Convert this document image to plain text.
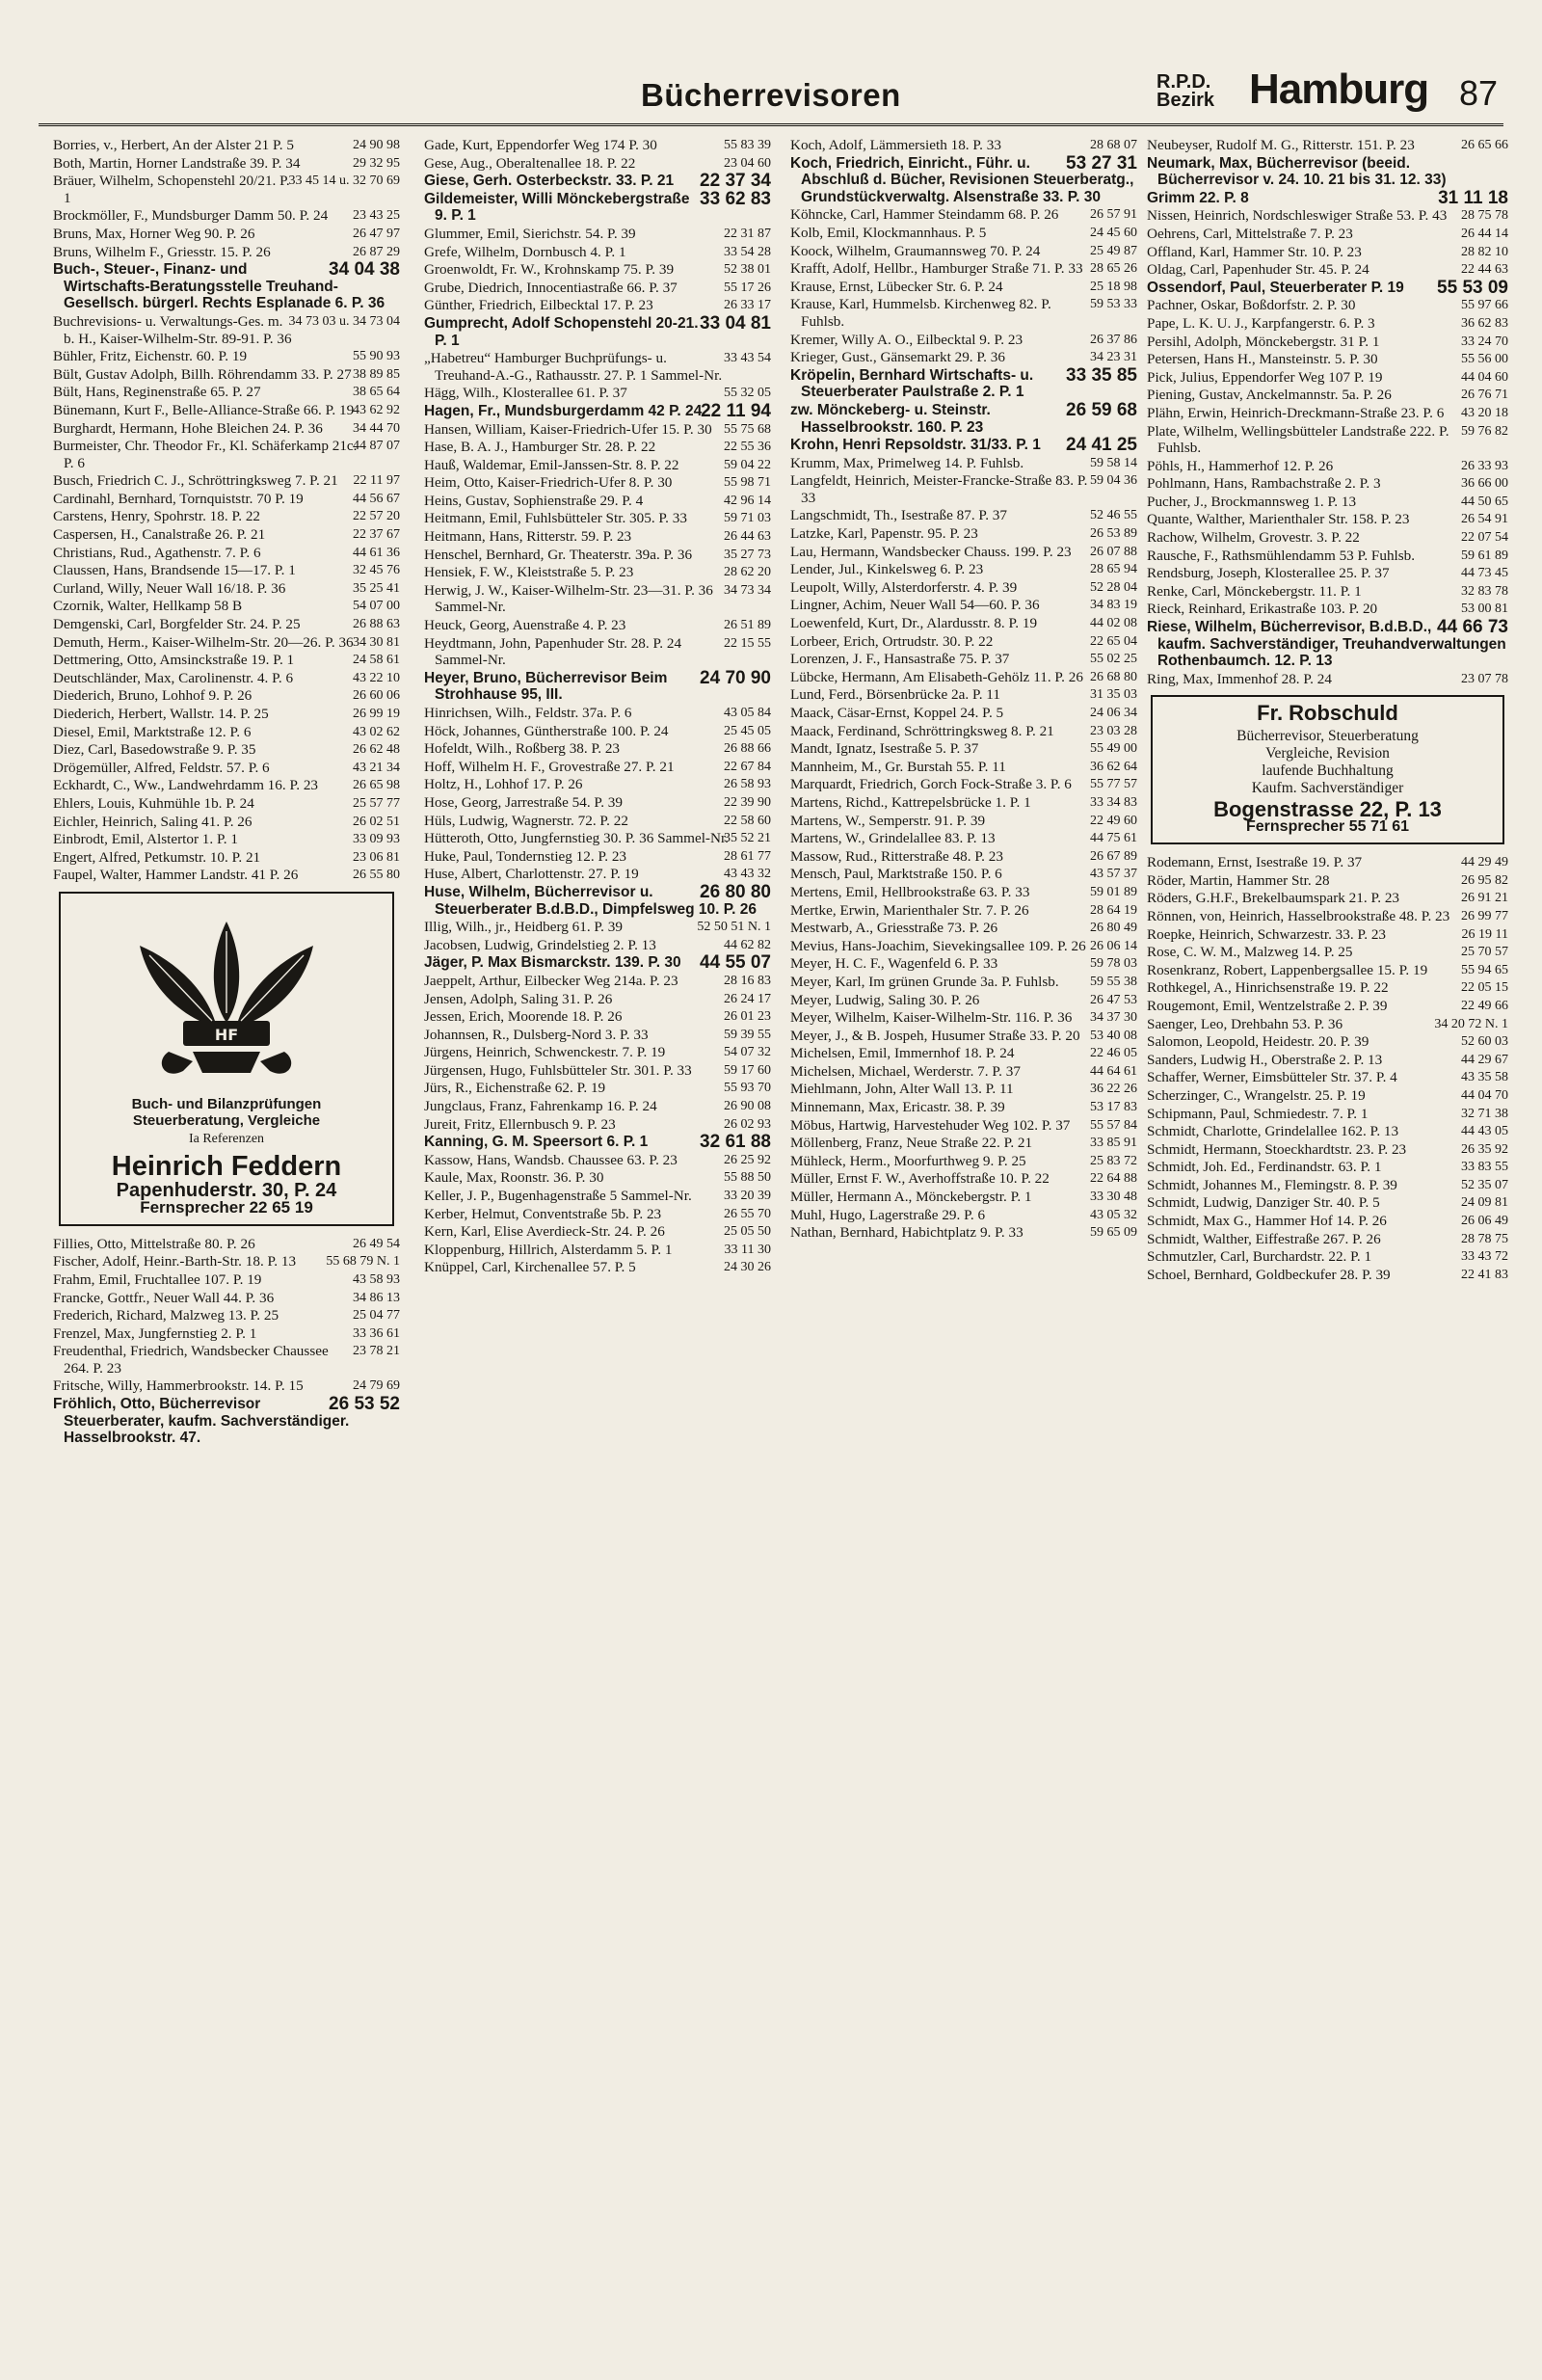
Bücherrevisoren	R.P.D.
Bezirk Hamburg 87
24 90 98
Borries, v., Herbert, An der Alster 21 P. 5
29 32 95
Both, Martin, Horner Landstraße 39. P. 34
33 45 14 u. 32 70 69
Bräuer, Wilhelm, Schopenstehl 20/21. P. 1
23 43 25
Brockmöller, F., Mundsburger Damm 50. P. 24
26 47 97
Bruns, Max, Horner Weg 90. P. 26
26 87 29
Bruns, Wilhelm F., Griesstr. 15. P. 26
34 04 38
Buch-, Steuer-, Finanz- und Wirtschafts-Beratungsstelle Treuhand-Gesellsch. bürgerl. Rechts Esplanade 6. P. 36
34 73 03 u. 34 73 04
Buchrevisions- u. Verwaltungs-Ges. m. b. H., Kaiser-Wilhelm-Str. 89-91. P. 36
55 90 93
Bühler, Fritz, Eichenstr. 60. P. 19
38 89 85
Bült, Gustav Adolph, Billh. Röhrendamm 33. P. 27
38 65 64
Bült, Hans, Reginenstraße 65. P. 27
43 62 92
Bünemann, Kurt F., Belle-Alliance-Straße 66. P. 19
34 44 70
Burghardt, Hermann, Hohe Bleichen 24. P. 36
44 87 07
Burmeister, Chr. Theodor Fr., Kl. Schäferkamp 21c. P. 6
22 11 97
Busch, Friedrich C. J., Schröttringksweg 7. P. 21
44 56 67
Cardinahl, Bernhard, Tornquiststr. 70 P. 19
22 57 20
Carstens, Henry, Spohrstr. 18. P. 22
22 37 67
Caspersen, H., Canalstraße 26. P. 21
44 61 36
Christians, Rud., Agathenstr. 7. P. 6
32 45 76
Claussen, Hans, Brandsende 15—17. P. 1
35 25 41
Curland, Willy, Neuer Wall 16/18. P. 36
54 07 00
Czornik, Walter, Hellkamp 58 B
26 88 63
Demgenski, Carl, Borgfelder Str. 24. P. 25
34 30 81
Demuth, Herm., Kaiser-Wilhelm-Str. 20—26. P. 36
24 58 61
Dettmering, Otto, Amsinckstraße 19. P. 1
43 22 10
Deutschländer, Max, Carolinenstr. 4. P. 6
26 60 06
Diederich, Bruno, Lohhof 9. P. 26
26 99 19
Diederich, Herbert, Wallstr. 14. P. 25
43 02 62
Diesel, Emil, Marktstraße 12. P. 6
26 62 48
Diez, Carl, Basedowstraße 9. P. 35
43 21 34
Drögemüller, Alfred, Feldstr. 57. P. 6
26 65 98
Eckhardt, C., Ww., Landwehrdamm 16. P. 23
25 57 77
Ehlers, Louis, Kuhmühle 1b. P. 24
26 02 51
Eichler, Heinrich, Saling 41. P. 26
33 09 93
Einbrodt, Emil, Alstertor 1. P. 1
23 06 81
Engert, Alfred, Petkumstr. 10. P. 21
26 55 80
Faupel, Walter, Hammer Landstr. 41 P. 26
HF
Buch- und Bilanzprüfungen
Steuerberatung, Vergleiche
Ia Referenzen
Heinrich Feddern
Papenhuderstr. 30, P. 24
Fernsprecher 22 65 19
26 49 54
Fillies, Otto, Mittelstraße 80. P. 26
55 68 79 N. 1
Fischer, Adolf, Heinr.-Barth-Str. 18. P. 13
43 58 93
Frahm, Emil, Fruchtallee 107. P. 19
34 86 13
Francke, Gottfr., Neuer Wall 44. P. 36
25 04 77
Frederich, Richard, Malzweg 13. P. 25
33 36 61
Frenzel, Max, Jungfernstieg 2. P. 1
23 78 21
Freudenthal, Friedrich, Wandsbecker Chaussee 264. P. 23
24 79 69
Fritsche, Willy, Hammerbrookstr. 14. P. 15
26 53 52
Fröhlich, Otto, Bücherrevisor Steuerberater, kaufm. Sachverständiger. Hasselbrookstr. 47.
55 83 39
Gade, Kurt, Eppendorfer Weg 174 P. 30
23 04 60
Gese, Aug., Oberaltenallee 18. P. 22
22 37 34
Giese, Gerh. Osterbeckstr. 33. P. 21
33 62 83
Gildemeister, Willi Mönckebergstraße 9. P. 1
22 31 87
Glummer, Emil, Sierichstr. 54. P. 39
33 54 28
Grefe, Wilhelm, Dornbusch 4. P. 1
52 38 01
Groenwoldt, Fr. W., Krohnskamp 75. P. 39
55 17 26
Grube, Diedrich, Innocentiastraße 66. P. 37
26 33 17
Günther, Friedrich, Eilbecktal 17. P. 23
33 04 81
Gumprecht, Adolf Schopenstehl 20-21. P. 1
33 43 54
„Habetreu“ Hamburger Buchprüfungs- u. Treuhand-A.-G., Rathausstr. 27. P. 1 Sammel-Nr.
55 32 05
Hägg, Wilh., Klosterallee 61. P. 37
22 11 94
Hagen, Fr., Mundsburgerdamm 42 P. 24
55 75 68
Hansen, William, Kaiser-Friedrich-Ufer 15. P. 30
22 55 36
Hase, B. A. J., Hamburger Str. 28. P. 22
59 04 22
Hauß, Waldemar, Emil-Janssen-Str. 8. P. 22
55 98 71
Heim, Otto, Kaiser-Friedrich-Ufer 8. P. 30
42 96 14
Heins, Gustav, Sophienstraße 29. P. 4
59 71 03
Heitmann, Emil, Fuhlsbütteler Str. 305. P. 33
26 44 63
Heitmann, Hans, Ritterstr. 59. P. 23
35 27 73
Henschel, Bernhard, Gr. Theaterstr. 39a. P. 36
28 62 20
Hensiek, F. W., Kleiststraße 5. P. 23
34 73 34
Herwig, J. W., Kaiser-Wilhelm-Str. 23—31. P. 36 Sammel-Nr.
26 51 89
Heuck, Georg, Auenstraße 4. P. 23
22 15 55
Heydtmann, John, Papenhuder Str. 28. P. 24 Sammel-Nr.
24 70 90
Heyer, Bruno, Bücherrevisor Beim Strohhause 95, III.
43 05 84
Hinrichsen, Wilh., Feldstr. 37a. P. 6
25 45 05
Höck, Johannes, Güntherstraße 100. P. 24
26 88 66
Hofeldt, Wilh., Roßberg 38. P. 23
22 67 84
Hoff, Wilhelm H. F., Grovestraße 27. P. 21
26 58 93
Holtz, H., Lohhof 17. P. 26
22 39 90
Hose, Georg, Jarrestraße 54. P. 39
22 58 60
Hüls, Ludwig, Wagnerstr. 72. P. 22
35 52 21
Hütteroth, Otto, Jungfernstieg 30. P. 36 Sammel-Nr.
28 61 77
Huke, Paul, Tondernstieg 12. P. 23
43 43 32
Huse, Albert, Charlottenstr. 27. P. 19
26 80 80
Huse, Wilhelm, Bücherrevisor u. Steuerberater B.d.B.D., Dimpfelsweg 10. P. 26
52 50 51 N. 1
Illig, Wilh., jr., Heidberg 61. P. 39
44 62 82
Jacobsen, Ludwig, Grindelstieg 2. P. 13
44 55 07
Jäger, P. Max Bismarckstr. 139. P. 30
28 16 83
Jaeppelt, Arthur, Eilbecker Weg 214a. P. 23
26 24 17
Jensen, Adolph, Saling 31. P. 26
26 01 23
Jessen, Erich, Moorende 18. P. 26
59 39 55
Johannsen, R., Dulsberg-Nord 3. P. 33
54 07 32
Jürgens, Heinrich, Schwenckestr. 7. P. 19
59 17 60
Jürgensen, Hugo, Fuhlsbütteler Str. 301. P. 33
55 93 70
Jürs, R., Eichenstraße 62. P. 19
26 90 08
Jungclaus, Franz, Fahrenkamp 16. P. 24
26 02 93
Jureit, Fritz, Ellernbusch 9. P. 23
32 61 88
Kanning, G. M. Speersort 6. P. 1
26 25 92
Kassow, Hans, Wandsb. Chaussee 63. P. 23
55 88 50
Kaule, Max, Roonstr. 36. P. 30
33 20 39
Keller, J. P., Bugenhagenstraße 5 Sammel-Nr.
26 55 70
Kerber, Helmut, Conventstraße 5b. P. 23
25 05 50
Kern, Karl, Elise Averdieck-Str. 24. P. 26
33 11 30
Kloppenburg, Hillrich, Alsterdamm 5. P. 1
24 30 26
Knüppel, Carl, Kirchenallee 57. P. 5
28 68 07
Koch, Adolf, Lämmersieth 18. P. 33
53 27 31
Koch, Friedrich, Einricht., Führ. u. Abschluß d. Bücher, Revisionen Steuerberatg., Grundstückverwaltg. Alsenstraße 33. P. 30
26 57 91
Köhncke, Carl, Hammer Steindamm 68. P. 26
24 45 60
Kolb, Emil, Klockmannhaus. P. 5
25 49 87
Koock, Wilhelm, Graumannsweg 70. P. 24
28 65 26
Krafft, Adolf, Hellbr., Hamburger Straße 71. P. 33
25 18 98
Krause, Ernst, Lübecker Str. 6. P. 24
59 53 33
Krause, Karl, Hummelsb. Kirchenweg 82. P. Fuhlsb.
26 37 86
Kremer, Willy A. O., Eilbecktal 9. P. 23
34 23 31
Krieger, Gust., Gänsemarkt 29. P. 36
33 35 85
Kröpelin, Bernhard Wirtschafts- u. Steuerberater Paulstraße 2. P. 1
26 59 68
zw. Mönckeberg- u. Steinstr. Hasselbrookstr. 160. P. 23
24 41 25
Krohn, Henri Repsoldstr. 31/33. P. 1
59 58 14
Krumm, Max, Primelweg 14. P. Fuhlsb.
59 04 36
Langfeldt, Heinrich, Meister-Francke-Straße 83. P. 33
52 46 55
Langschmidt, Th., Isestraße 87. P. 37
26 53 89
Latzke, Karl, Papenstr. 95. P. 23
26 07 88
Lau, Hermann, Wandsbecker Chauss. 199. P. 23
28 65 94
Lender, Jul., Kinkelsweg 6. P. 23
52 28 04
Leupolt, Willy, Alsterdorferstr. 4. P. 39
34 83 19
Lingner, Achim, Neuer Wall 54—60. P. 36
44 02 08
Loewenfeld, Kurt, Dr., Alardusstr. 8. P. 19
22 65 04
Lorbeer, Erich, Ortrudstr. 30. P. 22
55 02 25
Lorenzen, J. F., Hansastraße 75. P. 37
26 68 80
Lübcke, Hermann, Am Elisabeth-Gehölz 11. P. 26
31 35 03
Lund, Ferd., Börsenbrücke 2a. P. 11
24 06 34
Maack, Cäsar-Ernst, Koppel 24. P. 5
23 03 28
Maack, Ferdinand, Schröttringksweg 8. P. 21
55 49 00
Mandt, Ignatz, Isestraße 5. P. 37
36 62 64
Mannheim, M., Gr. Burstah 55. P. 11
55 77 57
Marquardt, Friedrich, Gorch Fock-Straße 3. P. 6
33 34 83
Martens, Richd., Kattrepelsbrücke 1. P. 1
22 49 60
Martens, W., Semperstr. 91. P. 39
44 75 61
Martens, W., Grindelallee 83. P. 13
26 67 89
Massow, Rud., Ritterstraße 48. P. 23
43 57 37
Mensch, Paul, Marktstraße 150. P. 6
59 01 89
Mertens, Emil, Hellbrookstraße 63. P. 33
28 64 19
Mertke, Erwin, Marienthaler Str. 7. P. 26
26 80 49
Mestwarb, A., Griesstraße 73. P. 26
26 06 14
Mevius, Hans-Joachim, Sievekingsallee 109. P. 26
59 78 03
Meyer, H. C. F., Wagenfeld 6. P. 33
59 55 38
Meyer, Karl, Im grünen Grunde 3a. P. Fuhlsb.
26 47 53
Meyer, Ludwig, Saling 30. P. 26
34 37 30
Meyer, Wilhelm, Kaiser-Wilhelm-Str. 116. P. 36
53 40 08
Meyer, J., & B. Jospeh, Husumer Straße 33. P. 20
22 46 05
Michelsen, Emil, Immernhof 18. P. 24
44 64 61
Michelsen, Michael, Werderstr. 7. P. 37
36 22 26
Miehlmann, John, Alter Wall 13. P. 11
53 17 83
Minnemann, Max, Ericastr. 38. P. 39
55 57 84
Möbus, Hartwig, Harvestehuder Weg 102. P. 37
33 85 91
Möllenberg, Franz, Neue Straße 22. P. 21
25 83 72
Mühleck, Herm., Moorfurthweg 9. P. 25
22 64 88
Müller, Ernst F. W., Averhoffstraße 10. P. 22
33 30 48
Müller, Hermann A., Mönckebergstr. P. 1
43 05 32
Muhl, Hugo, Lagerstraße 29. P. 6
59 65 09
Nathan, Bernhard, Habichtplatz 9. P. 33
26 65 66
Neubeyser, Rudolf M. G., Ritterstr. 151. P. 23
Neumark, Max, Bücherrevisor (beeid. Bücherrevisor v. 24. 10. 21 bis 31. 12. 33)
31 11 18
Grimm 22. P. 8
28 75 78
Nissen, Heinrich, Nordschleswiger Straße 53. P. 43
26 44 14
Oehrens, Carl, Mittelstraße 7. P. 23
28 82 10
Offland, Karl, Hammer Str. 10. P. 23
22 44 63
Oldag, Carl, Papenhuder Str. 45. P. 24
55 53 09
Ossendorf, Paul, Steuerberater P. 19
55 97 66
Pachner, Oskar, Boßdorfstr. 2. P. 30
36 62 83
Pape, L. K. U. J., Karpfangerstr. 6. P. 3
33 24 70
Persihl, Adolph, Mönckebergstr. 31 P. 1
55 56 00
Petersen, Hans H., Mansteinstr. 5. P. 30
44 04 60
Pick, Julius, Eppendorfer Weg 107 P. 19
26 76 71
Piening, Gustav, Anckelmannstr. 5a. P. 26
43 20 18
Plähn, Erwin, Heinrich-Dreckmann-Straße 23. P. 6
59 76 82
Plate, Wilhelm, Wellingsbütteler Landstraße 222. P. Fuhlsb.
26 33 93
Pöhls, H., Hammerhof 12. P. 26
36 66 00
Pohlmann, Hans, Rambachstraße 2. P. 3
44 50 65
Pucher, J., Brockmannsweg 1. P. 13
26 54 91
Quante, Walther, Marienthaler Str. 158. P. 23
22 07 54
Rachow, Wilhelm, Grovestr. 3. P. 22
59 61 89
Rausche, F., Rathsmühlendamm 53 P. Fuhlsb.
44 73 45
Rendsburg, Joseph, Klosterallee 25. P. 37
32 83 78
Renke, Carl, Mönckebergstr. 11. P. 1
53 00 81
Rieck, Reinhard, Erikastraße 103. P. 20
44 66 73
Riese, Wilhelm, Bücherrevisor, B.d.B.D., kaufm. Sachverständiger, Treuhandverwaltungen Rothenbaumch. 12. P. 13
23 07 78
Ring, Max, Immenhof 28. P. 24
Fr. Robschuld
Bücherrevisor, Steuerberatung
Vergleiche, Revision
laufende Buchhaltung
Kaufm. Sachverständiger
Bogenstrasse 22, P. 13
Fernsprecher 55 71 61
44 29 49
Rodemann, Ernst, Isestraße 19. P. 37
26 95 82
Röder, Martin, Hammer Str. 28
26 91 21
Röders, G.H.F., Brekelbaumspark 21. P. 23
26 99 77
Rönnen, von, Heinrich, Hasselbrookstraße 48. P. 23
26 19 11
Roepke, Heinrich, Schwarzestr. 33. P. 23
25 70 57
Rose, C. W. M., Malzweg 14. P. 25
55 94 65
Rosenkranz, Robert, Lappenbergsallee 15. P. 19
22 05 15
Rothkegel, A., Hinrichsenstraße 19. P. 22
22 49 66
Rougemont, Emil, Wentzelstraße 2. P. 39
34 20 72 N. 1
Saenger, Leo, Drehbahn 53. P. 36
52 60 03
Salomon, Leopold, Heidestr. 20. P. 39
44 29 67
Sanders, Ludwig H., Oberstraße 2. P. 13
43 35 58
Schaffer, Werner, Eimsbütteler Str. 37. P. 4
44 04 70
Scherzinger, C., Wrangelstr. 25. P. 19
32 71 38
Schipmann, Paul, Schmiedestr. 7. P. 1
44 43 05
Schmidt, Charlotte, Grindelallee 162. P. 13
26 35 92
Schmidt, Hermann, Stoeckhardtstr. 23. P. 23
33 83 55
Schmidt, Joh. Ed., Ferdinandstr. 63. P. 1
52 35 07
Schmidt, Johannes M., Flemingstr. 8. P. 39
24 09 81
Schmidt, Ludwig, Danziger Str. 40. P. 5
26 06 49
Schmidt, Max G., Hammer Hof 14. P. 26
28 78 75
Schmidt, Walther, Eiffestraße 267. P. 26
33 43 72
Schmutzler, Carl, Burchardstr. 22. P. 1
22 41 83
Schoel, Bernhard, Goldbeckufer 28. P. 39
